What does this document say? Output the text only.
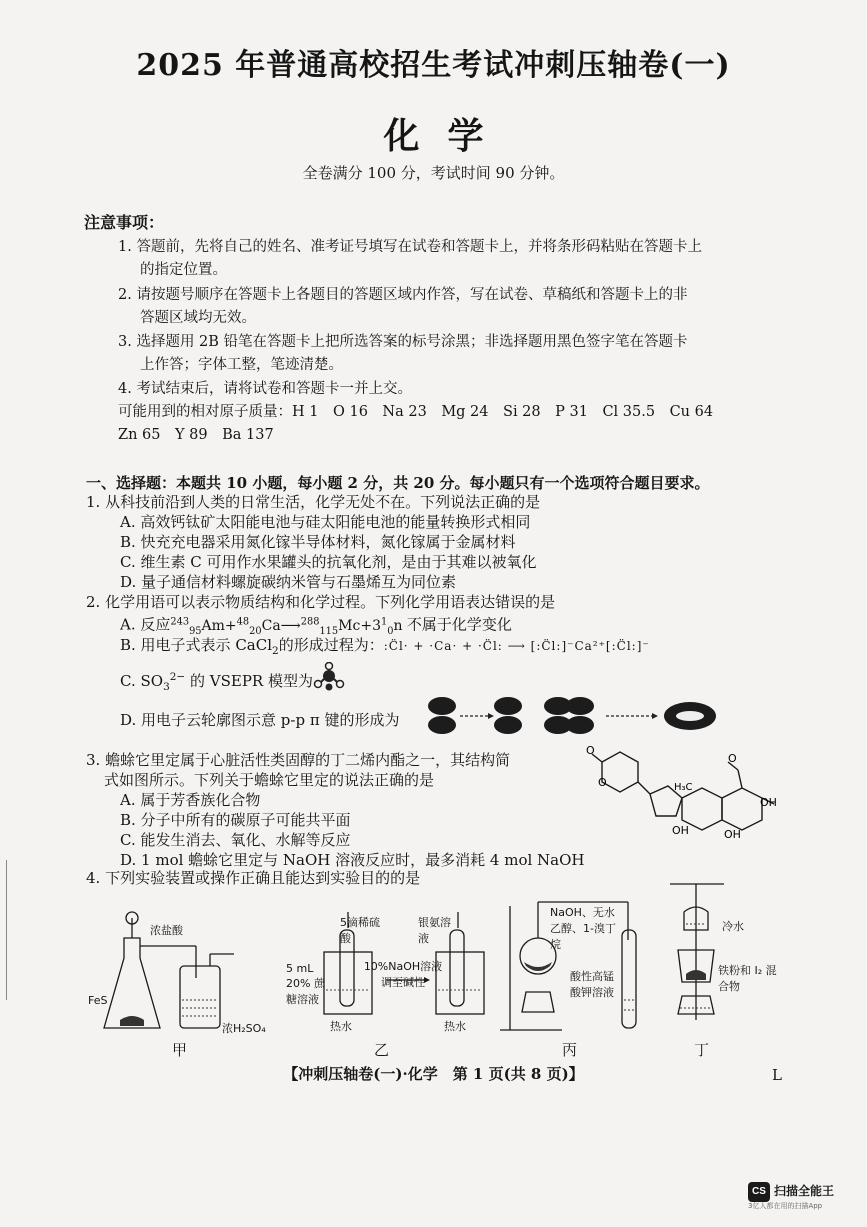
2025 年普通高校招生考试冲刺压轴卷(一)
化学
全卷满分 100 分，考试时间 90 分钟。
注意事项：
1. 答题前，先将自己的姓名、准考证号填写在试卷和答题卡上，并将条形码粘贴在答题卡上
的指定位置。
2. 请按题号顺序在答题卡上各题目的答题区域内作答，写在试卷、草稿纸和答题卡上的非
答题区域均无效。
3. 选择题用 2B 铅笔在答题卡上把所选答案的标号涂黑；非选择题用黑色签字笔在答题卡
上作答；字体工整，笔迹清楚。
4. 考试结束后，请将试卷和答题卡一并上交。
可能用到的相对原子质量：H 1　O 16　Na 23　Mg 24　Si 28　P 31　Cl 35.5　Cu 64
Zn 65　Y 89　Ba 137
一、选择题：本题共 10 小题，每小题 2 分，共 20 分。每小题只有一个选项符合题目要求。
1. 从科技前沿到人类的日常生活，化学无处不在。下列说法正确的是
A. 高效钙钛矿太阳能电池与硅太阳能电池的能量转换形式相同
B. 快充充电器采用氮化镓半导体材料，氮化镓属于金属材料
C. 维生素 C 可用作水果罐头的抗氧化剂，是由于其难以被氧化
D. 量子通信材料螺旋碳纳米管与石墨烯互为同位素
2. 化学用语可以表示物质结构和化学过程。下列化学用语表达错误的是
A. 反应$^{243}_{95}Am+^{48}_{20}Ca⟶^{288}_{115}Mc+3^1_0n$ 不属于化学变化
B. 用电子式表示 CaCl$_2$的形成过程为：:C̈l· + ·Ca· + ·C̈l: ⟶ [:C̈l:]⁻Ca²⁺[:C̈l:]⁻
C. $SO_3^{2-}$ 的 VSEPR 模型为
D. 用电子云轮廓图示意 p-p π 键的形成为
3. 蟾蜍它里定属于心脏活性类固醇的丁二烯内酯之一，其结构简
式如图所示。下列关于蟾蜍它里定的说法正确的是
A. 属于芳香族化合物
B. 分子中所有的碳原子可能共平面
C. 能发生消去、氧化、水解等反应
D. 1 mol 蟾蜍它里定与 NaOH 溶液反应时，最多消耗 4 mol NaOH
O
O	H₃C
O
OH
OH	OH
4. 下列实验装置或操作正确且能达到实验目的的是
浓盐酸
FeS
浓H₂SO₄
甲
5滴稀硫酸
银氨溶液
5 mL 20% 蔗糖溶液
10%NaOH溶液调至碱性
热水	热水
乙
NaOH、无水乙醇、1-溴丁烷
酸性高锰酸钾溶液
丙
冷水
铁粉和 I₂ 混合物
丁
【冲刺压轴卷(一)·化学　第 1 页(共 8 页)】	L
CS 扫描全能王
3亿人都在用的扫描App
